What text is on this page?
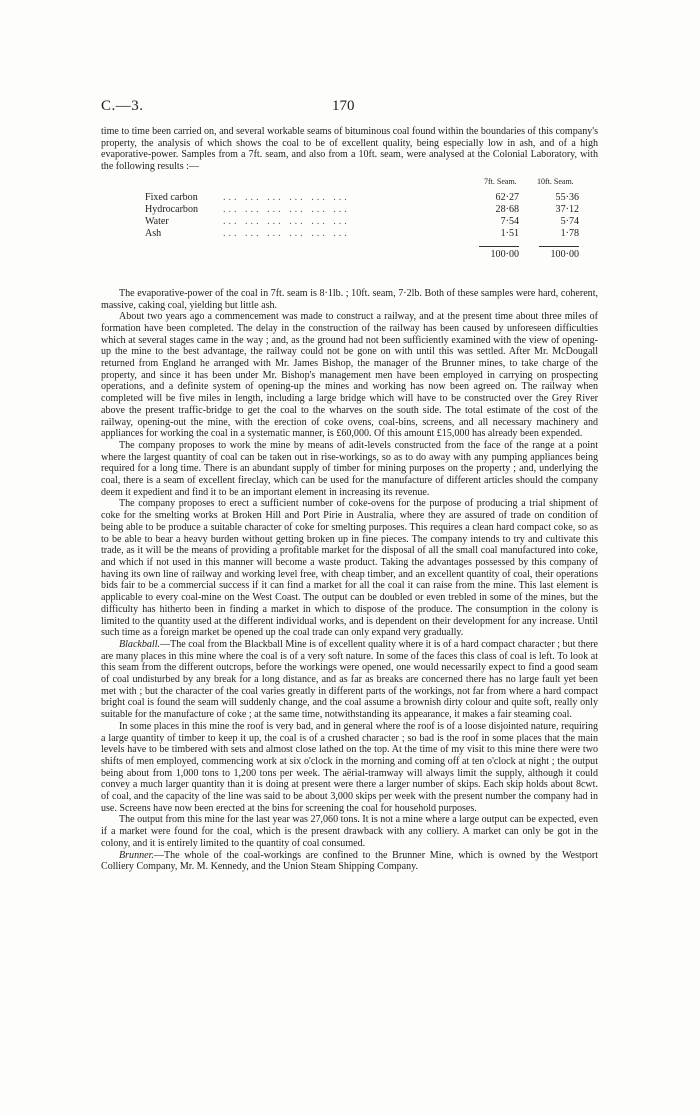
C.—3.	170

time to time been carried on, and several workable seams of bituminous coal found within the boundaries of this company's property, the analysis of which shows the coal to be of excellent quality, being especially low in ash, and of a high evaporative-power. Samples from a 7ft. seam, and also from a 10ft. seam, were analysed at the Colonial Laboratory, with the following results :—

7ft. Seam.	10ft. Seam.
Fixed carbon	... ... ... ... ... ...	62·27	55·36
Hydrocarbon ... ... ... ... ... ...	28·68	37·12
Water	... ... ... ... ... ...	7·54	5·74
Ash	... ... ... ... ... ...	1·51	1·78
100·00	100·00

The evaporative-power of the coal in 7ft. seam is 8·1lb. ; 10ft. seam, 7·2lb. Both of these samples were hard, coherent, massive, caking coal, yielding but little ash.

About two years ago a commencement was made to construct a railway, and at the present time about three miles of formation have been completed. The delay in the construction of the railway has been caused by unforeseen difficulties which at several stages came in the way ; and, as the ground had not been sufficiently examined with the view of opening-up the mine to the best advantage, the railway could not be gone on with until this was settled. After Mr. McDougall returned from England he arranged with Mr. James Bishop, the manager of the Brunner mines, to take charge of the property, and since it has been under Mr. Bishop's management men have been employed in carrying on prospecting operations, and a definite system of opening-up the mines and working has now been agreed on. The railway when completed will be five miles in length, including a large bridge which will have to be constructed over the Grey River above the present traffic-bridge to get the coal to the wharves on the south side. The total estimate of the cost of the railway, opening-out the mine, with the erection of coke ovens, coal-bins, screens, and all necessary machinery and appliances for working the coal in a systematic manner, is £60,000. Of this amount £15,000 has already been expended.

The company proposes to work the mine by means of adit-levels constructed from the face of the range at a point where the largest quantity of coal can be taken out in rise-workings, so as to do away with any pumping appliances being required for a long time. There is an abundant supply of timber for mining purposes on the property ; and, underlying the coal, there is a seam of excellent fireclay, which can be used for the manufacture of different articles should the company deem it expedient and find it to be an important element in increasing its revenue.

The company proposes to erect a sufficient number of coke-ovens for the purpose of producing a trial shipment of coke for the smelting works at Broken Hill and Port Pirie in Australia, where they are assured of trade on condition of being able to be produce a suitable character of coke for smelting purposes. This requires a clean hard compact coke, so as to be able to bear a heavy burden without getting broken up in fine pieces. The company intends to try and cultivate this trade, as it will be the means of providing a profitable market for the disposal of all the small coal manufactured into coke, and which if not used in this manner will become a waste product. Taking the advantages possessed by this company of having its own line of railway and working level free, with cheap timber, and an excellent quantity of coal, their operations bids fair to be a commercial success if it can find a market for all the coal it can raise from the mine. This last element is applicable to every coal-mine on the West Coast. The output can be doubled or even trebled in some of the mines, but the difficulty has hitherto been in finding a market in which to dispose of the produce. The consumption in the colony is limited to the quantity used at the different individual works, and is dependent on their development for any increase. Until such time as a foreign market be opened up the coal trade can only expand very gradually.

Blackball.—The coal from the Blackball Mine is of excellent quality where it is of a hard compact character ; but there are many places in this mine where the coal is of a very soft nature. In some of the faces this class of coal is left. To look at this seam from the different outcrops, before the workings were opened, one would necessarily expect to find a good seam of coal undisturbed by any break for a long distance, and as far as breaks are concerned there has no large fault yet been met with ; but the character of the coal varies greatly in different parts of the workings, not far from where a hard compact bright coal is found the seam will suddenly change, and the coal assume a brownish dirty colour and quite soft, really only suitable for the manufacture of coke ; at the same time, notwithstanding its appearance, it makes a fair steaming coal.

In some places in this mine the roof is very bad, and in general where the roof is of a loose disjointed nature, requiring a large quantity of timber to keep it up, the coal is of a crushed character ; so bad is the roof in some places that the main levels have to be timbered with sets and almost close lathed on the top. At the time of my visit to this mine there were two shifts of men employed, commencing work at six o'clock in the morning and coming off at ten o'clock at night ; the output being about from 1,000 tons to 1,200 tons per week. The aërial-tramway will always limit the supply, although it could convey a much larger quantity than it is doing at present were there a larger number of skips. Each skip holds about 8cwt. of coal, and the capacity of the line was said to be about 3,000 skips per week with the present number the company had in use. Screens have now been erected at the bins for screening the coal for household purposes.

The output from this mine for the last year was 27,060 tons. It is not a mine where a large output can be expected, even if a market were found for the coal, which is the present drawback with any colliery. A market can only be got in the colony, and it is entirely limited to the quantity of coal consumed.

Brunner.—The whole of the coal-workings are confined to the Brunner Mine, which is owned by the Westport Colliery Company, Mr. M. Kennedy, and the Union Steam Shipping Company.
